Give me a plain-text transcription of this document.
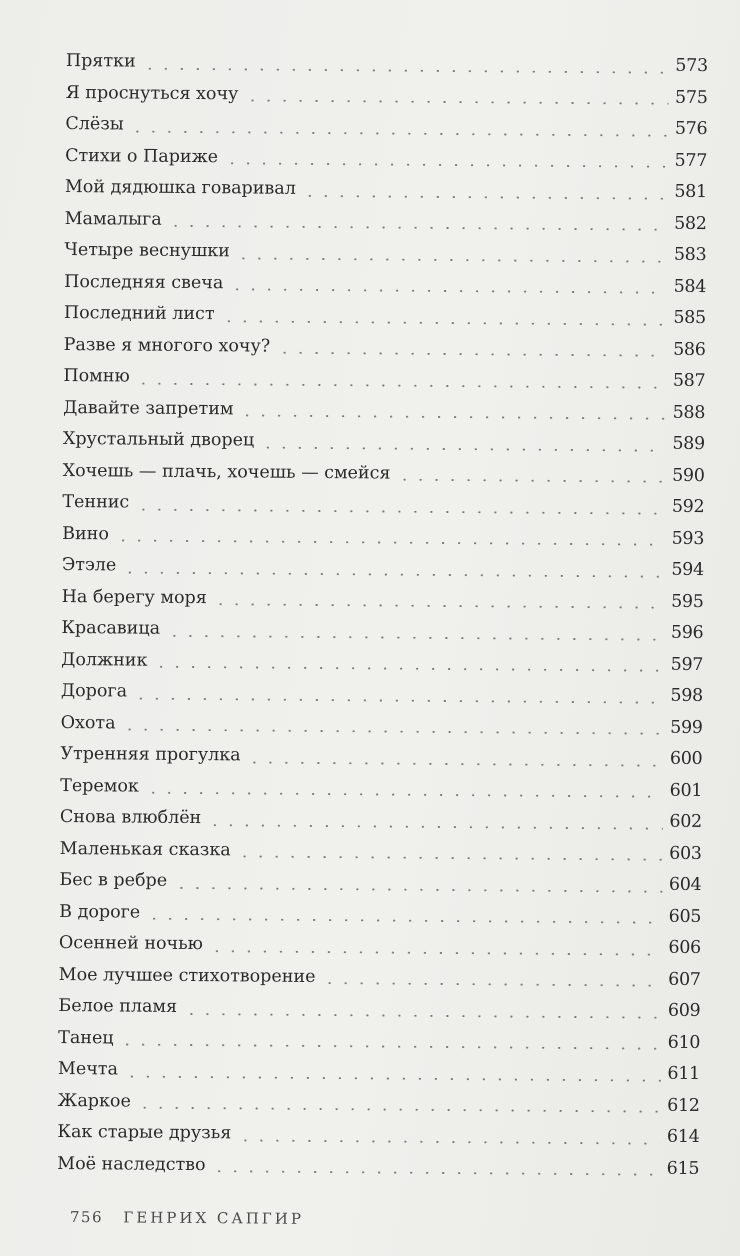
Прятки	573
Я проснуться хочу	575
Слёзы	576
Стихи о Париже	577
Мой дядюшка говаривал	581
Мамалыга	582
Четыре веснушки	583
Последняя свеча	584
Последний лист	585
Разве я многого хочу?	586
Помню	587
Давайте запретим	588
Хрустальный дворец	589
Хочешь — плачь, хочешь — смейся	590
Теннис	592
Вино	593
Этэле	594
На берегу моря	595
Красавица	596
Должник	597
Дорога	598
Охота	599
Утренняя прогулка	600
Теремок	601
Снова влюблён	602
Маленькая сказка	603
Бес в ребре	604
В дороге	605
Осенней ночью	606
Мое лучшее стихотворение	607
Белое пламя	609
Танец	610
Мечта	611
Жаркое	612
Как старые друзья	614
Моё наследство	615
756 ГЕНРИХ САПГИР
